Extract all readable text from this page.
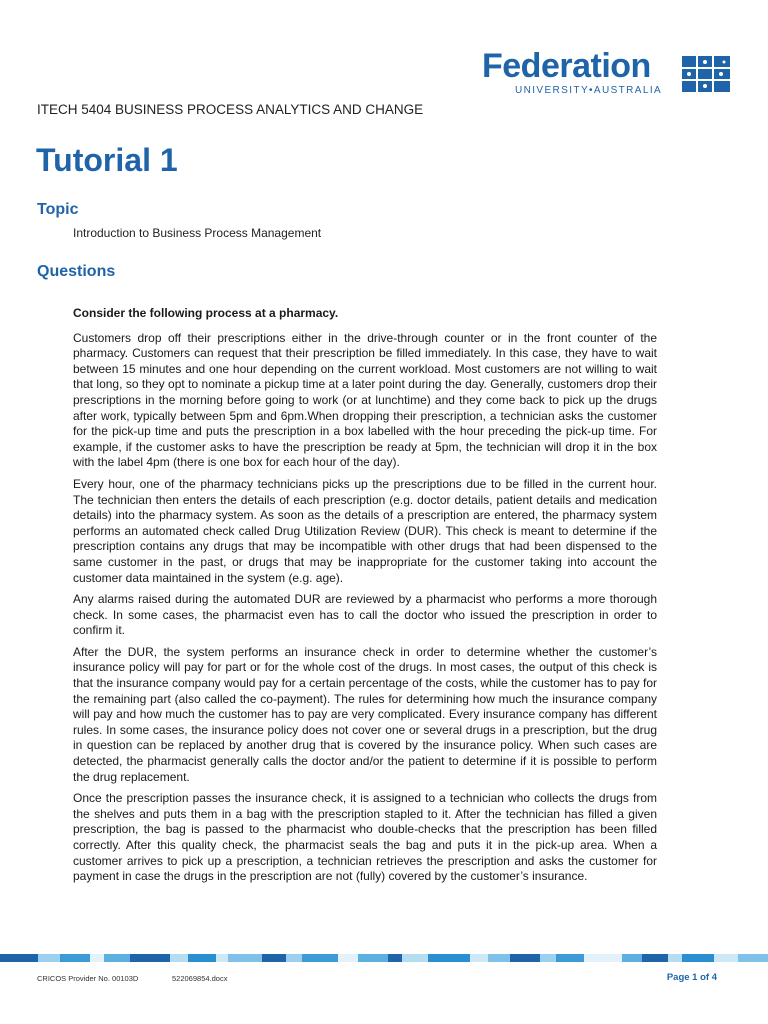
Federation
UNIVERSITY•AUSTRALIA
ITECH 5404 BUSINESS PROCESS ANALYTICS AND CHANGE
Tutorial 1
Topic
Introduction to Business Process Management
Questions

Consider the following process at a pharmacy.

Customers drop off their prescriptions either in the drive-through counter or in the front counter of the pharmacy. Customers can request that their prescription be filled immediately. In this case, they have to wait between 15 minutes and one hour depending on the current workload. Most customers are not willing to wait that long, so they opt to nominate a pickup time at a later point during the day. Generally, customers drop their prescriptions in the morning before going to work (or at lunchtime) and they come back to pick up the drugs after work, typically between 5pm and 6pm.When dropping their prescription, a technician asks the customer for the pick-up time and puts the prescription in a box labelled with the hour preceding the pick-up time. For example, if the customer asks to have the prescription be ready at 5pm, the technician will drop it in the box with the label 4pm (there is one box for each hour of the day).

Every hour, one of the pharmacy technicians picks up the prescriptions due to be filled in the current hour. The technician then enters the details of each prescription (e.g. doctor details, patient details and medication details) into the pharmacy system. As soon as the details of a prescription are entered, the pharmacy system performs an automated check called Drug Utilization Review (DUR). This check is meant to determine if the prescription contains any drugs that may be incompatible with other drugs that had been dispensed to the same customer in the past, or drugs that may be inappropriate for the customer taking into account the customer data maintained in the system (e.g. age).

Any alarms raised during the automated DUR are reviewed by a pharmacist who performs a more thorough check. In some cases, the pharmacist even has to call the doctor who issued the prescription in order to confirm it.

After the DUR, the system performs an insurance check in order to determine whether the customer’s insurance policy will pay for part or for the whole cost of the drugs. In most cases, the output of this check is that the insurance company would pay for a certain percentage of the costs, while the customer has to pay for the remaining part (also called the co-payment). The rules for determining how much the insurance company will pay and how much the customer has to pay are very complicated. Every insurance company has different rules. In some cases, the insurance policy does not cover one or several drugs in a prescription, but the drug in question can be replaced by another drug that is covered by the insurance policy. When such cases are detected, the pharmacist generally calls the doctor and/or the patient to determine if it is possible to perform the drug replacement.

Once the prescription passes the insurance check, it is assigned to a technician who collects the drugs from the shelves and puts them in a bag with the prescription stapled to it. After the technician has filled a given prescription, the bag is passed to the pharmacist who double-checks that the prescription has been filled correctly. After this quality check, the pharmacist seals the bag and puts it in the pick-up area. When a customer arrives to pick up a prescription, a technician retrieves the prescription and asks the customer for payment in case the drugs in the prescription are not (fully) covered by the customer’s insurance.

CRICOS Provider No. 00103D	522069854.docx	Page 1 of 4
